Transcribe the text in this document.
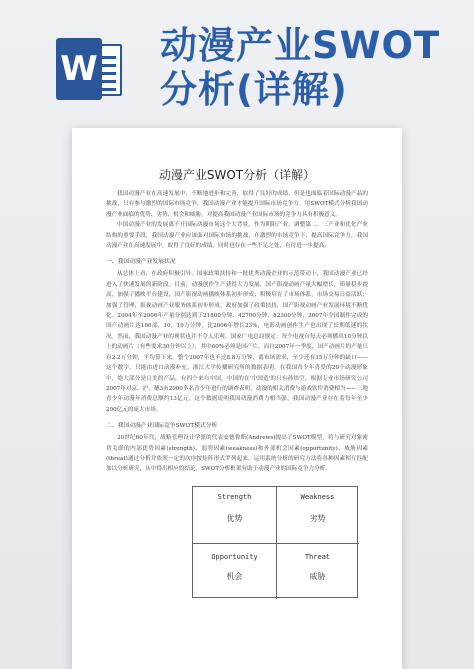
W
动漫产业SWOT
分析(详解)
动漫产业SWOT分析（详解）

我国动漫产业在高速发展中，不断地进步和完善，取得了良好的成绩，但是也面临着国际动漫产品的挑战，只有参与激烈的国际市场竞争，我国动漫产业才能提升国际市场竞争力。用SWOT模式分析我国动漫产业面临的优势、劣势、机会和威胁，对提高我国动漫产业国际市场的竞争力具有积极意义。

中国动漫产业的发展离不开国际动漫市场这个大背景，作为朝阳产业，调整第二、三产业和优化产业结构的重要手段，我国动漫产业应该面对国际市场的挑战，在激烈的市场竞争下，提高国际竞争力，我国动漫产业在高速发展中，取得了良好的成绩，同时也存在一些不足之处，有待进一步提高。

一、我国动漫产业发展状况

从总体上看，在政府积极引导、国家政策扶持和一批优秀动漫企业的示范带动下，我国动漫产业已经进入了快速发展的新阶段。目前，动漫创作生产获得大力发展，国产影视动画产量大幅增长，质量稳步提高，加强了播映平台建设，国产影视动画播映体系初步形成；积极培育了市场体系，市场交易日益活跃；加强了管理，影视动画产业服务体系初步形成。政府加强了政策扶持，国产影视动画产业发展环境不断优化。2004年至2006年产量分别达到了21800分钟、42700分钟、82300分钟，2007年全国制作完成的国产动画片达186部，10，19万分钟，比2006年增长23%，电影动画创作生产也出现了长期低迷的状况。然而，我国动漫产业的现状也并不令人乐观。国家广电总局规定：每个电视台每天必须播出10分钟以上的动画片（有些要求30分钟以上），其中60%必须是国产片，而自2007年一季度，国产动画片的产量只有2.2万分钟，平均算下来，整个2007年也不过8.8万分钟，离市场需求，至少还有15万分钟的缺口——这个数字，只能由进口动漫补充。浙江大学传播研究所的数据表明，在我国青少年喜爱的20个动漫形象中，绝大部分是日美的产品，有四个来自中国，中国的在'中国造'的只有孙悟空，根据专业市场研究公司2007年对京、沪、穗3市2000多名青少年进行的调查表明，动漫的相关消费与游戏软件消费相当——三地青少年动漫年消费总额约13亿元，这个数据说明我国动漫消费力相当强，我国动漫产业存在着每年至少200亿元的庞大市场。

二、我国动漫产业国际竞争SWOT模式分析

20世纪60年代，战略管理设计学派的代表安德鲁斯(Andrews)提出了SWOT模型，将与研究对象密切关联的内部优势因素(strength)、弱势因素(weakness)和外部机会因素(opportunity)、威胁因素(threat)通过分析并依照一定的次序按矩阵形式罗列起来，运用系统分析的研究方法将各种因素相互匹配加以分析研究，从中得出相应的结论，SWOT分析框架有助于动漫产业的国际竞争力分析。

Strength
优势
Weakness
劣势
Opportunity
机会
Threat
威胁
